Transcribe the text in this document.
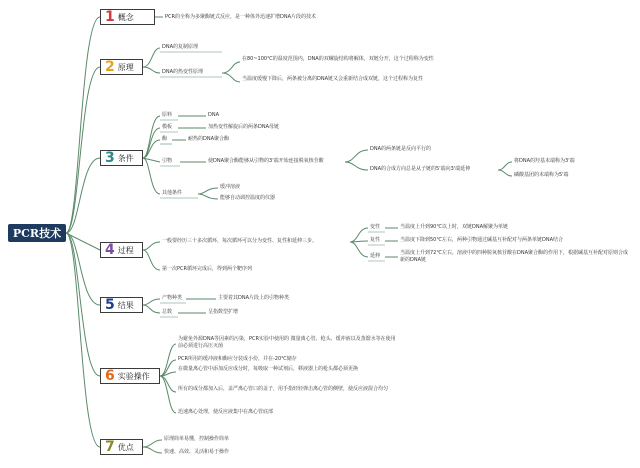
PCR技术
1 概念
2 原理
3 条件
4 过程
5 结果
6 实验操作
7 优点
PCR的全称为多聚酶链式反应，是一种体外迅速扩增DNA片段的技术
DNA的复制原理
DNA的热变性原理
在80~100℃的温度范围内，DNA的双螺旋结构将解体，双链分开，这个过程称为变性
当温度缓慢下降后，两条被分离的DNA链又会重新结合成双链，这个过程称为复性
原料	DNA
模板	加热变性解旋后的两条DNA母链
酶	耐热的DNA聚合酶
引物	使DNA聚合酶能够从引物的3'端开始连接脱氧核苷酸
DNA的两条链是反向平行的
DNA的合成方向总是从子链的5'端向3'端延伸
将DNA的羟基末端称为3'端
磷酸基团的末端称为5'端
其他条件
缓冲溶液
能够自动调控温度的仪器
一般要经历三十多次循环，每次循环可以分为变性、复性和延伸三步。
变性	当温度上升到90℃以上时，双链DNA解聚为单链
复性	当温度下降到50℃左右，两种引物通过碱基互补配对与两条单链DNA结合
延伸	当温度上升到72℃左右，溶液中的四种脱氧核苷酸在DNA聚合酶的作用下，根据碱基互补配对原则合成新的DNA链
第一次PCR循环完成后，得到两个靶序列
产物种类	主要着其DNA片段上的引物种类
总数	呈指数型扩增
为避免外源DNA等因素的污染，PCR实验中使用的 微量离心管、枪头、缓冲液以及蒸馏水等在使用前必须进行高压灭菌
PCR所用的缓冲液和酶应分装成小份，并在-20℃储存
在微量离心管中添加反应成分时，每吸取一种试剂后，移液器上的枪头都必须更换
所有的成分都加入后，盖严离心管口的盖子，用手指轻轻弹击离心管的侧壁，使反应液混合均匀
迅速离心处理，使反应液集中在离心管底部
原理简单易懂，控制操作简单
快速、高效、灵活和易于操作
